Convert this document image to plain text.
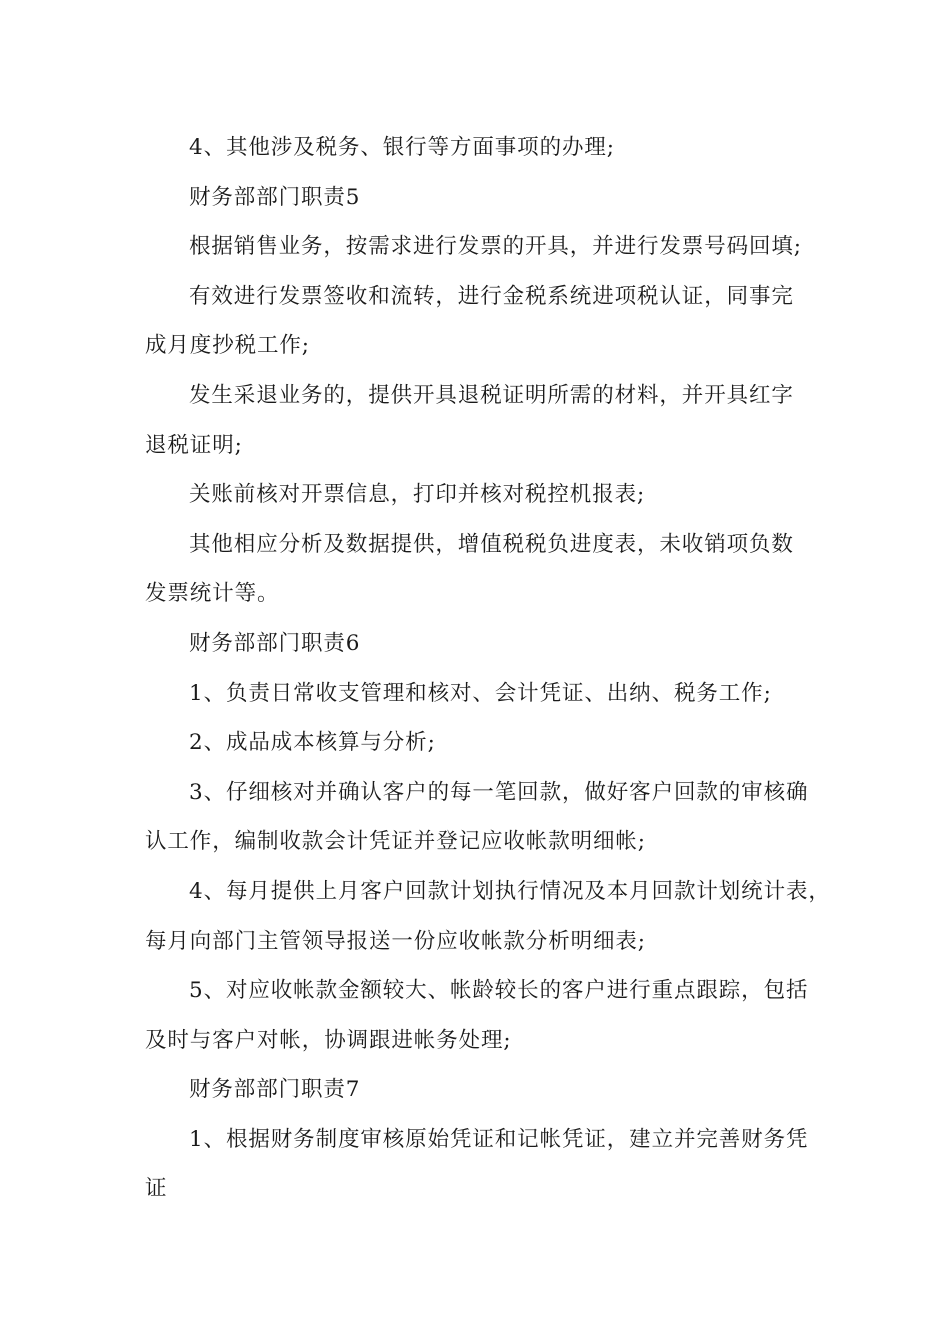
4、其他涉及税务、银行等方面事项的办理;
财务部部门职责5
根据销售业务，按需求进行发票的开具，并进行发票号码回填;
有效进行发票签收和流转，进行金税系统进项税认证，同事完
成月度抄税工作;
发生采退业务的，提供开具退税证明所需的材料，并开具红字
退税证明;
关账前核对开票信息，打印并核对税控机报表;
其他相应分析及数据提供，增值税税负进度表，未收销项负数
发票统计等。
财务部部门职责6
1、负责日常收支管理和核对、会计凭证、出纳、税务工作;
2、成品成本核算与分析;
3、仔细核对并确认客户的每一笔回款，做好客户回款的审核确
认工作，编制收款会计凭证并登记应收帐款明细帐;
4、每月提供上月客户回款计划执行情况及本月回款计划统计表，
每月向部门主管领导报送一份应收帐款分析明细表;
5、对应收帐款金额较大、帐龄较长的客户进行重点跟踪，包括
及时与客户对帐，协调跟进帐务处理;
财务部部门职责7
1、根据财务制度审核原始凭证和记帐凭证，建立并完善财务凭
证
